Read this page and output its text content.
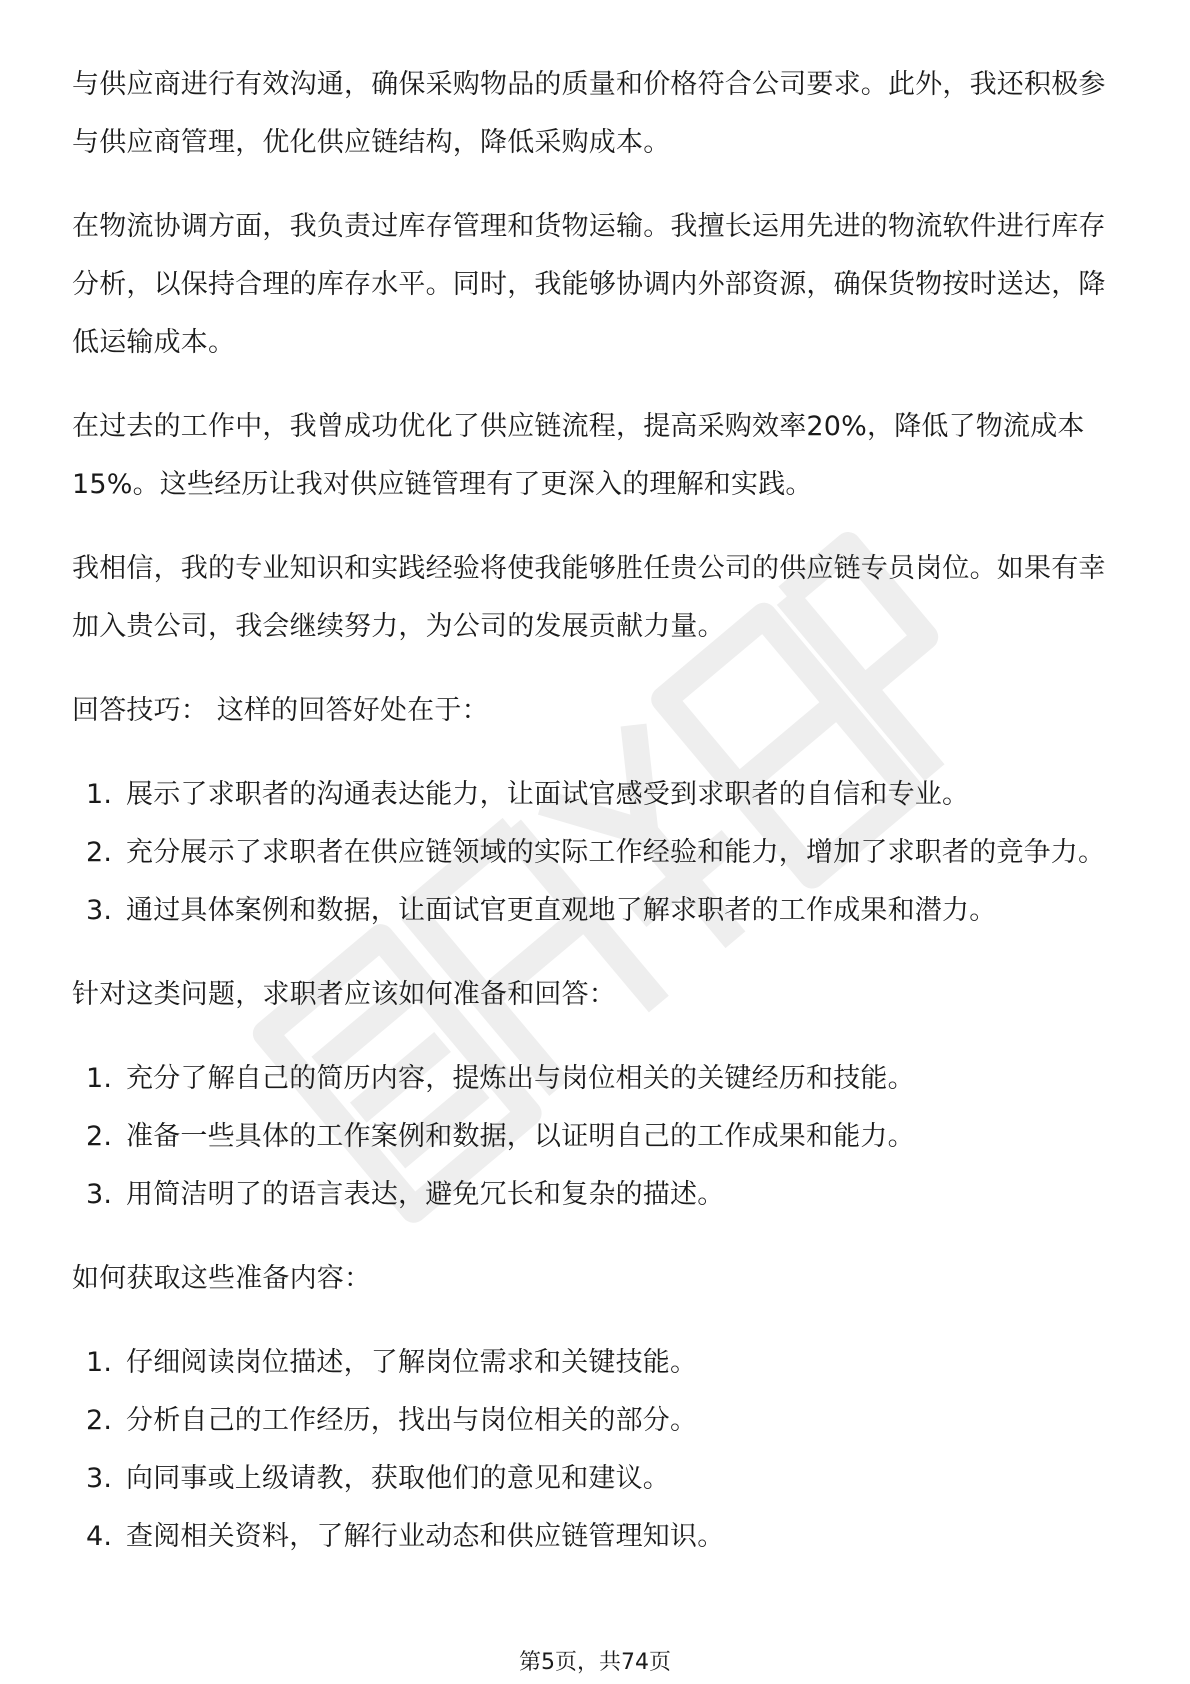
与供应商进行有效沟通，确保采购物品的质量和价格符合公司要求。此外，我还积极参与供应商管理，优化供应链结构，降低采购成本。

在物流协调方面，我负责过库存管理和货物运输。我擅长运用先进的物流软件进行库存分析，以保持合理的库存水平。同时，我能够协调内外部资源，确保货物按时送达，降低运输成本。

在过去的工作中，我曾成功优化了供应链流程，提高采购效率20%，降低了物流成本15%。这些经历让我对供应链管理有了更深入的理解和实践。

我相信，我的专业知识和实践经验将使我能够胜任贵公司的供应链专员岗位。如果有幸加入贵公司，我会继续努力，为公司的发展贡献力量。

回答技巧： 这样的回答好处在于：

1. 展示了求职者的沟通表达能力，让面试官感受到求职者的自信和专业。
2. 充分展示了求职者在供应链领域的实际工作经验和能力，增加了求职者的竞争力。
3. 通过具体案例和数据，让面试官更直观地了解求职者的工作成果和潜力。

针对这类问题，求职者应该如何准备和回答：

1. 充分了解自己的简历内容，提炼出与岗位相关的关键经历和技能。
2. 准备一些具体的工作案例和数据，以证明自己的工作成果和能力。
3. 用简洁明了的语言表达，避免冗长和复杂的描述。

如何获取这些准备内容：

1. 仔细阅读岗位描述，了解岗位需求和关键技能。
2. 分析自己的工作经历，找出与岗位相关的部分。
3. 向同事或上级请教，获取他们的意见和建议。
4. 查阅相关资料，了解行业动态和供应链管理知识。
第5页，共74页
